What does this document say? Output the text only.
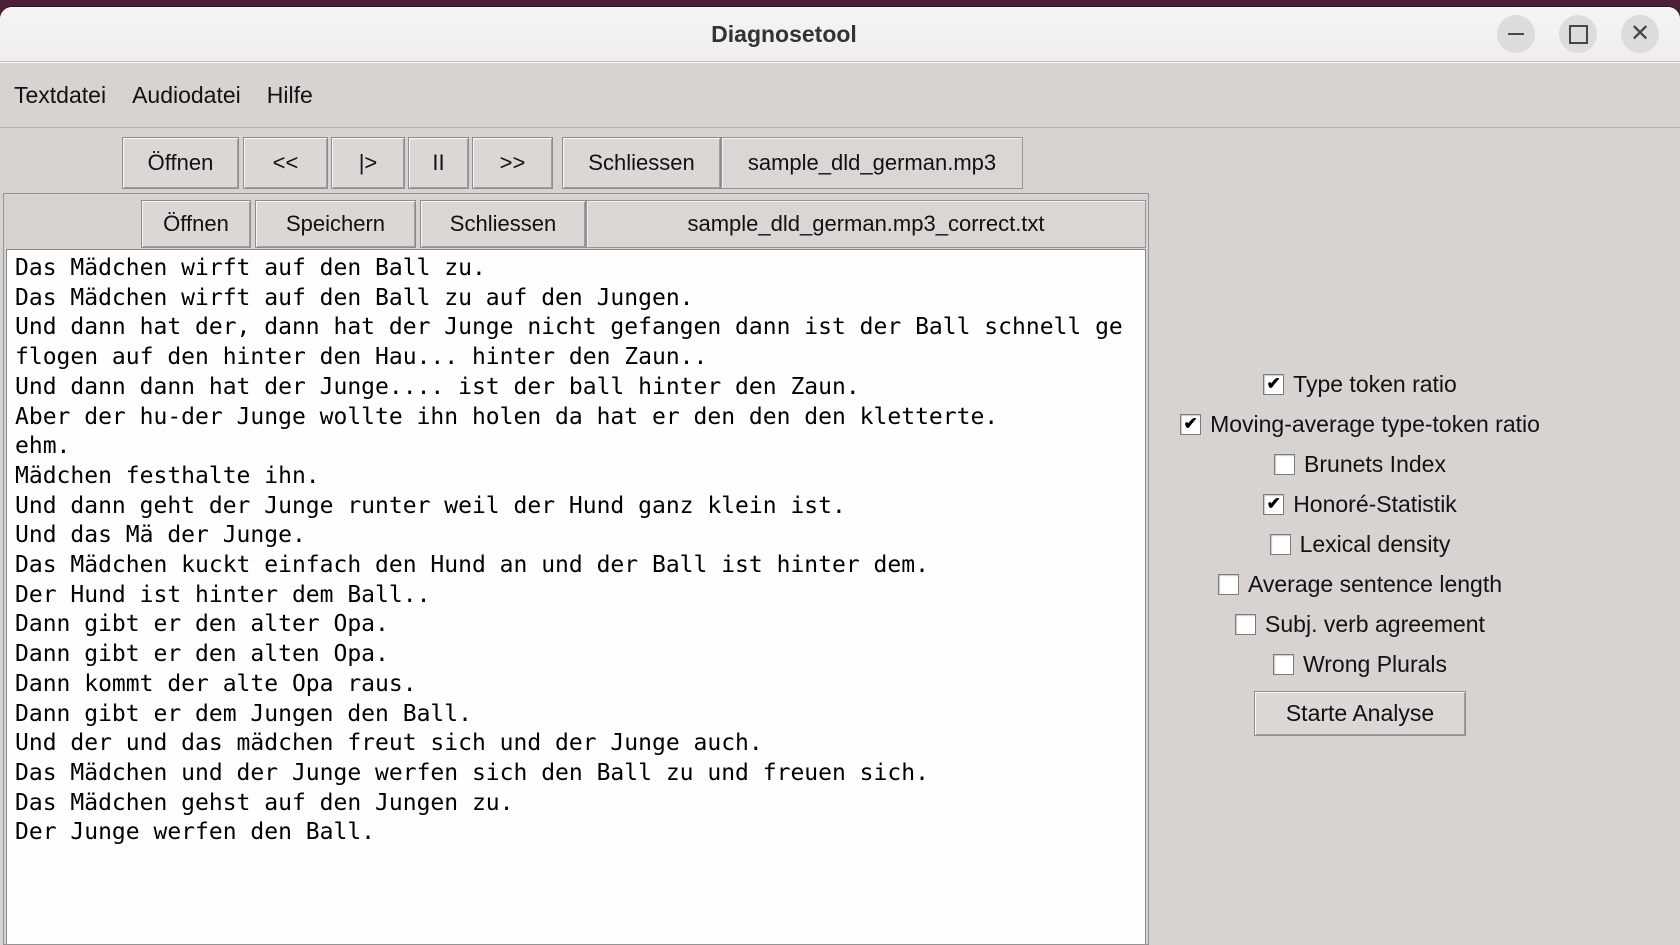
Diagnosetool	✕
Textdatei	Audiodatei	Hilfe
Öffnen	<<	|>	II	>>	Schliessen	sample_dld_german.mp3
Öffnen	Speichern	Schliessen	sample_dld_german.mp3_correct.txt
Das Mädchen wirft auf den Ball zu.
Das Mädchen wirft auf den Ball zu auf den Jungen.
Und dann hat der, dann hat der Junge nicht gefangen dann ist der Ball schnell ge
flogen auf den hinter den Hau... hinter den Zaun..
Und dann dann hat der Junge.... ist der ball hinter den Zaun.
Aber der hu-der Junge wollte ihn holen da hat er den den den kletterte.
ehm.
Mädchen festhalte ihn.
Und dann geht der Junge runter weil der Hund ganz klein ist.
Und das Mä der Junge.
Das Mädchen kuckt einfach den Hund an und der Ball ist hinter dem.
Der Hund ist hinter dem Ball..
Dann gibt er den alter Opa.
Dann gibt er den alten Opa.
Dann kommt der alte Opa raus.
Dann gibt er dem Jungen den Ball.
Und der und das mädchen freut sich und der Junge auch.
Das Mädchen und der Junge werfen sich den Ball zu und freuen sich.
Das Mädchen gehst auf den Jungen zu.
Der Junge werfen den Ball.
✔ Type token ratio
✔ Moving-average type-token ratio
Brunets Index
✔ Honoré-Statistik
Lexical density
Average sentence length
Subj. verb agreement
Wrong Plurals
Starte Analyse
